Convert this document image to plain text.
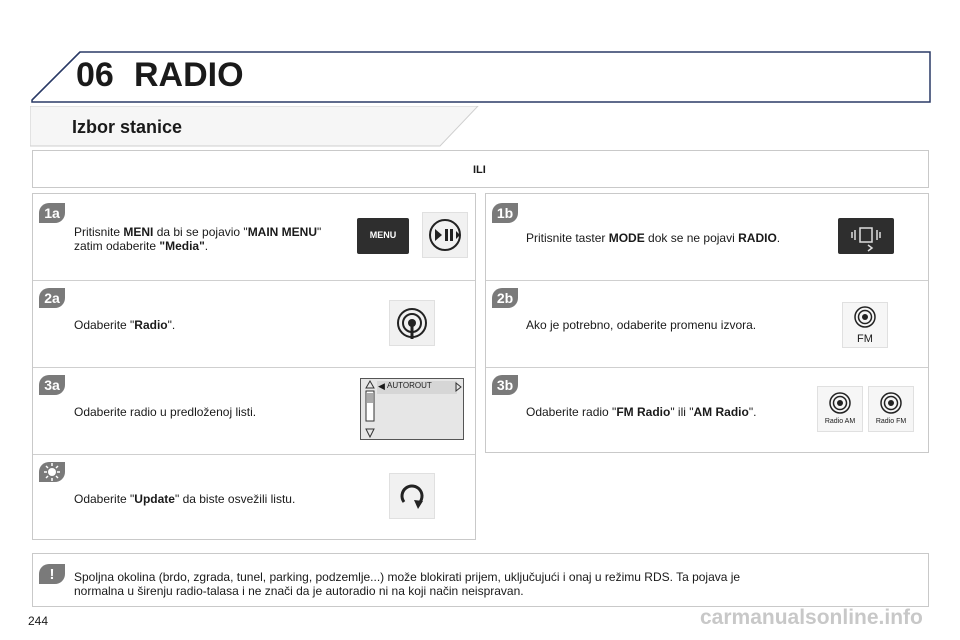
06 RADIO
Izbor stanice
ILI
1a
Pritisnite MENI da bi se pojavio "MAIN MENU"
zatim odaberite "Media".
MENU
2a
Odaberite "Radio".
3a
Odaberite radio u predloženoj listi.
◀ AUTOROUT
Odaberite "Update" da biste osvežili listu.
1b
Pritisnite taster MODE dok se ne pojavi RADIO.
2b
Ako je potrebno, odaberite promenu izvora.
FM
3b
Odaberite radio "FM Radio" ili "AM Radio".
Radio AM	Radio FM
!	Spoljna okolina (brdo, zgrada, tunel, parking, podzemlje...) može blokirati prijem, uključujući i onaj u režimu RDS. Ta pojava je
normalna u širenju radio-talasa i ne znači da je autoradio ni na koji način neispravan.
244	carmanualsonline.info
